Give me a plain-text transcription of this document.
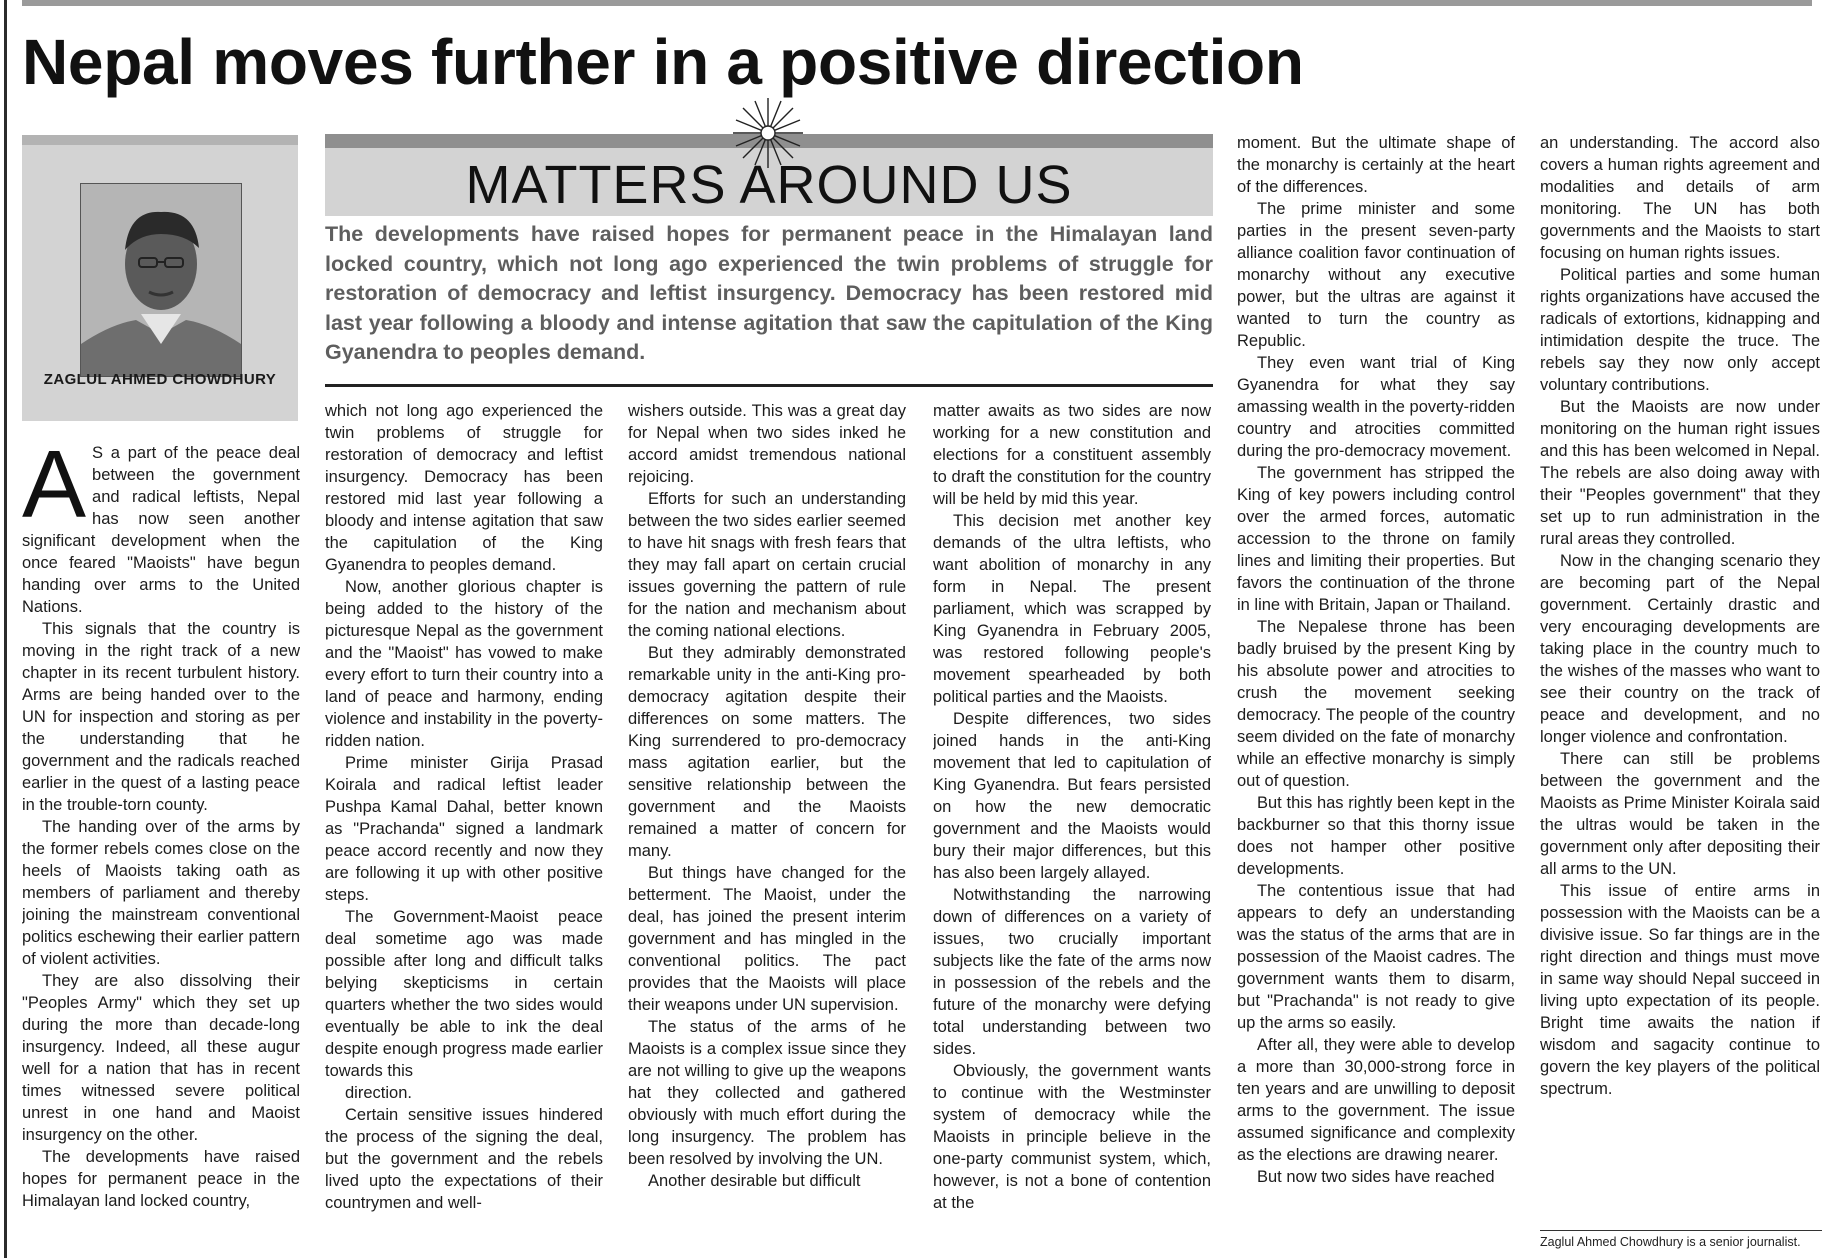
Nepal moves further in a positive direction
ZAGLUL AHMED CHOWDHURY
MATTERS AROUND US

The developments have raised hopes for permanent peace in the Himalayan land locked country, which not long ago experienced the twin problems of struggle for restoration of democracy and leftist insurgency. Democracy has been restored mid last year following a bloody and intense agitation that saw the capitulation of the King Gyanendra to peoples demand.

A S a part of the peace deal between the government and radical leftists, Nepal has now seen another significant development when the once feared "Maoists" have begun handing over arms to the United Nations.

This signals that the country is moving in the right track of a new chapter in its recent turbulent history. Arms are being handed over to the UN for inspection and storing as per the understanding that he government and the radicals reached earlier in the quest of a lasting peace in the trouble-torn county.

The handing over of the arms by the former rebels comes close on the heels of Maoists taking oath as members of parliament and thereby joining the mainstream conventional politics eschewing their earlier pattern of violent activities.

They are also dissolving their "Peoples Army" which they set up during the more than decade-long insurgency. Indeed, all these augur well for a nation that has in recent times witnessed severe political unrest in one hand and Maoist insurgency on the other.

The developments have raised hopes for permanent peace in the Himalayan land locked country,

which not long ago experienced the twin problems of struggle for restoration of democracy and leftist insurgency. Democracy has been restored mid last year following a bloody and intense agitation that saw the capitulation of the King Gyanendra to peoples demand.

Now, another glorious chapter is being added to the history of the picturesque Nepal as the government and the "Maoist" has vowed to make every effort to turn their country into a land of peace and harmony, ending violence and instability in the poverty-ridden nation.

Prime minister Girija Prasad Koirala and radical leftist leader Pushpa Kamal Dahal, better known as "Prachanda" signed a landmark peace accord recently and now they are following it up with other positive steps.

The Government-Maoist peace deal sometime ago was made possible after long and difficult talks belying skepticisms in certain quarters whether the two sides would eventually be able to ink the deal despite enough progress made earlier towards this

direction.

Certain sensitive issues hindered the process of the signing the deal, but the government and the rebels lived upto the expectations of their countrymen and well-

wishers outside. This was a great day for Nepal when two sides inked he accord amidst tremendous national rejoicing.

Efforts for such an understanding between the two sides earlier seemed to have hit snags with fresh fears that they may fall apart on certain crucial issues governing the pattern of rule for the nation and mechanism about the coming national elections.

But they admirably demonstrated remarkable unity in the anti-King pro-democracy agitation despite their differences on some matters. The King surrendered to pro-democracy mass agitation earlier, but the sensitive relationship between the government and the Maoists remained a matter of concern for many.

But things have changed for the betterment. The Maoist, under the deal, has joined the present interim government and has mingled in the conventional politics. The pact provides that the Maoists will place their weapons under UN supervision.

The status of the arms of he Maoists is a complex issue since they are not willing to give up the weapons hat they collected and gathered obviously with much effort during the long insurgency. The problem has been resolved by involving the UN.

Another desirable but difficult

matter awaits as two sides are now working for a new constitution and elections for a constituent assembly to draft the constitution for the country will be held by mid this year.

This decision met another key demands of the ultra leftists, who want abolition of monarchy in any form in Nepal. The present parliament, which was scrapped by King Gyanendra in February 2005, was restored following people's movement spearheaded by both political parties and the Maoists.

Despite differences, two sides joined hands in the anti-King movement that led to capitulation of King Gyanendra. But fears persisted on how the new democratic government and the Maoists would bury their major differences, but this has also been largely allayed.

Notwithstanding the narrowing down of differences on a variety of issues, two crucially important subjects like the fate of the arms now in possession of the rebels and the future of the monarchy were defying total understanding between two sides.

Obviously, the government wants to continue with the Westminster system of democracy while the Maoists in principle believe in the one-party communist system, which, however, is not a bone of contention at the

moment. But the ultimate shape of the monarchy is certainly at the heart of the differences.

The prime minister and some parties in the present seven-party alliance coalition favor continuation of monarchy without any executive power, but the ultras are against it wanted to turn the country as Republic.

They even want trial of King Gyanendra for what they say amassing wealth in the poverty-ridden country and atrocities committed during the pro-democracy movement.

The government has stripped the King of key powers including control over the armed forces, automatic accession to the throne on family lines and limiting their properties. But favors the continuation of the throne in line with Britain, Japan or Thailand.

The Nepalese throne has been badly bruised by the present King by his absolute power and atrocities to crush the movement seeking democracy. The people of the country seem divided on the fate of monarchy while an effective monarchy is simply out of question.

But this has rightly been kept in the backburner so that this thorny issue does not hamper other positive developments.

The contentious issue that had appears to defy an understanding was the status of the arms that are in possession of the Maoist cadres. The government wants them to disarm, but "Prachanda" is not ready to give up the arms so easily.

After all, they were able to develop a more than 30,000-strong force in ten years and are unwilling to deposit arms to the government. The issue assumed significance and complexity as the elections are drawing nearer.

But now two sides have reached

an understanding. The accord also covers a human rights agreement and modalities and details of arm monitoring. The UN has both governments and the Maoists to start focusing on human rights issues.

Political parties and some human rights organizations have accused the radicals of extortions, kidnapping and intimidation despite the truce. The rebels say they now only accept voluntary contributions.

But the Maoists are now under monitoring on the human right issues and this has been welcomed in Nepal. The rebels are also doing away with their "Peoples government" that they set up to run administration in the rural areas they controlled.

Now in the changing scenario they are becoming part of the Nepal government. Certainly drastic and very encouraging developments are taking place in the country much to the wishes of the masses who want to see their country on the track of peace and development, and no longer violence and confrontation.

There can still be problems between the government and the Maoists as Prime Minister Koirala said the ultras would be taken in the government only after depositing their all arms to the UN.

This issue of entire arms in possession with the Maoists can be a divisive issue. So far things are in the right direction and things must move in same way should Nepal succeed in living upto expectation of its people. Bright time awaits the nation if wisdom and sagacity continue to govern the key players of the political spectrum.

Zaglul Ahmed Chowdhury is a senior journalist.
